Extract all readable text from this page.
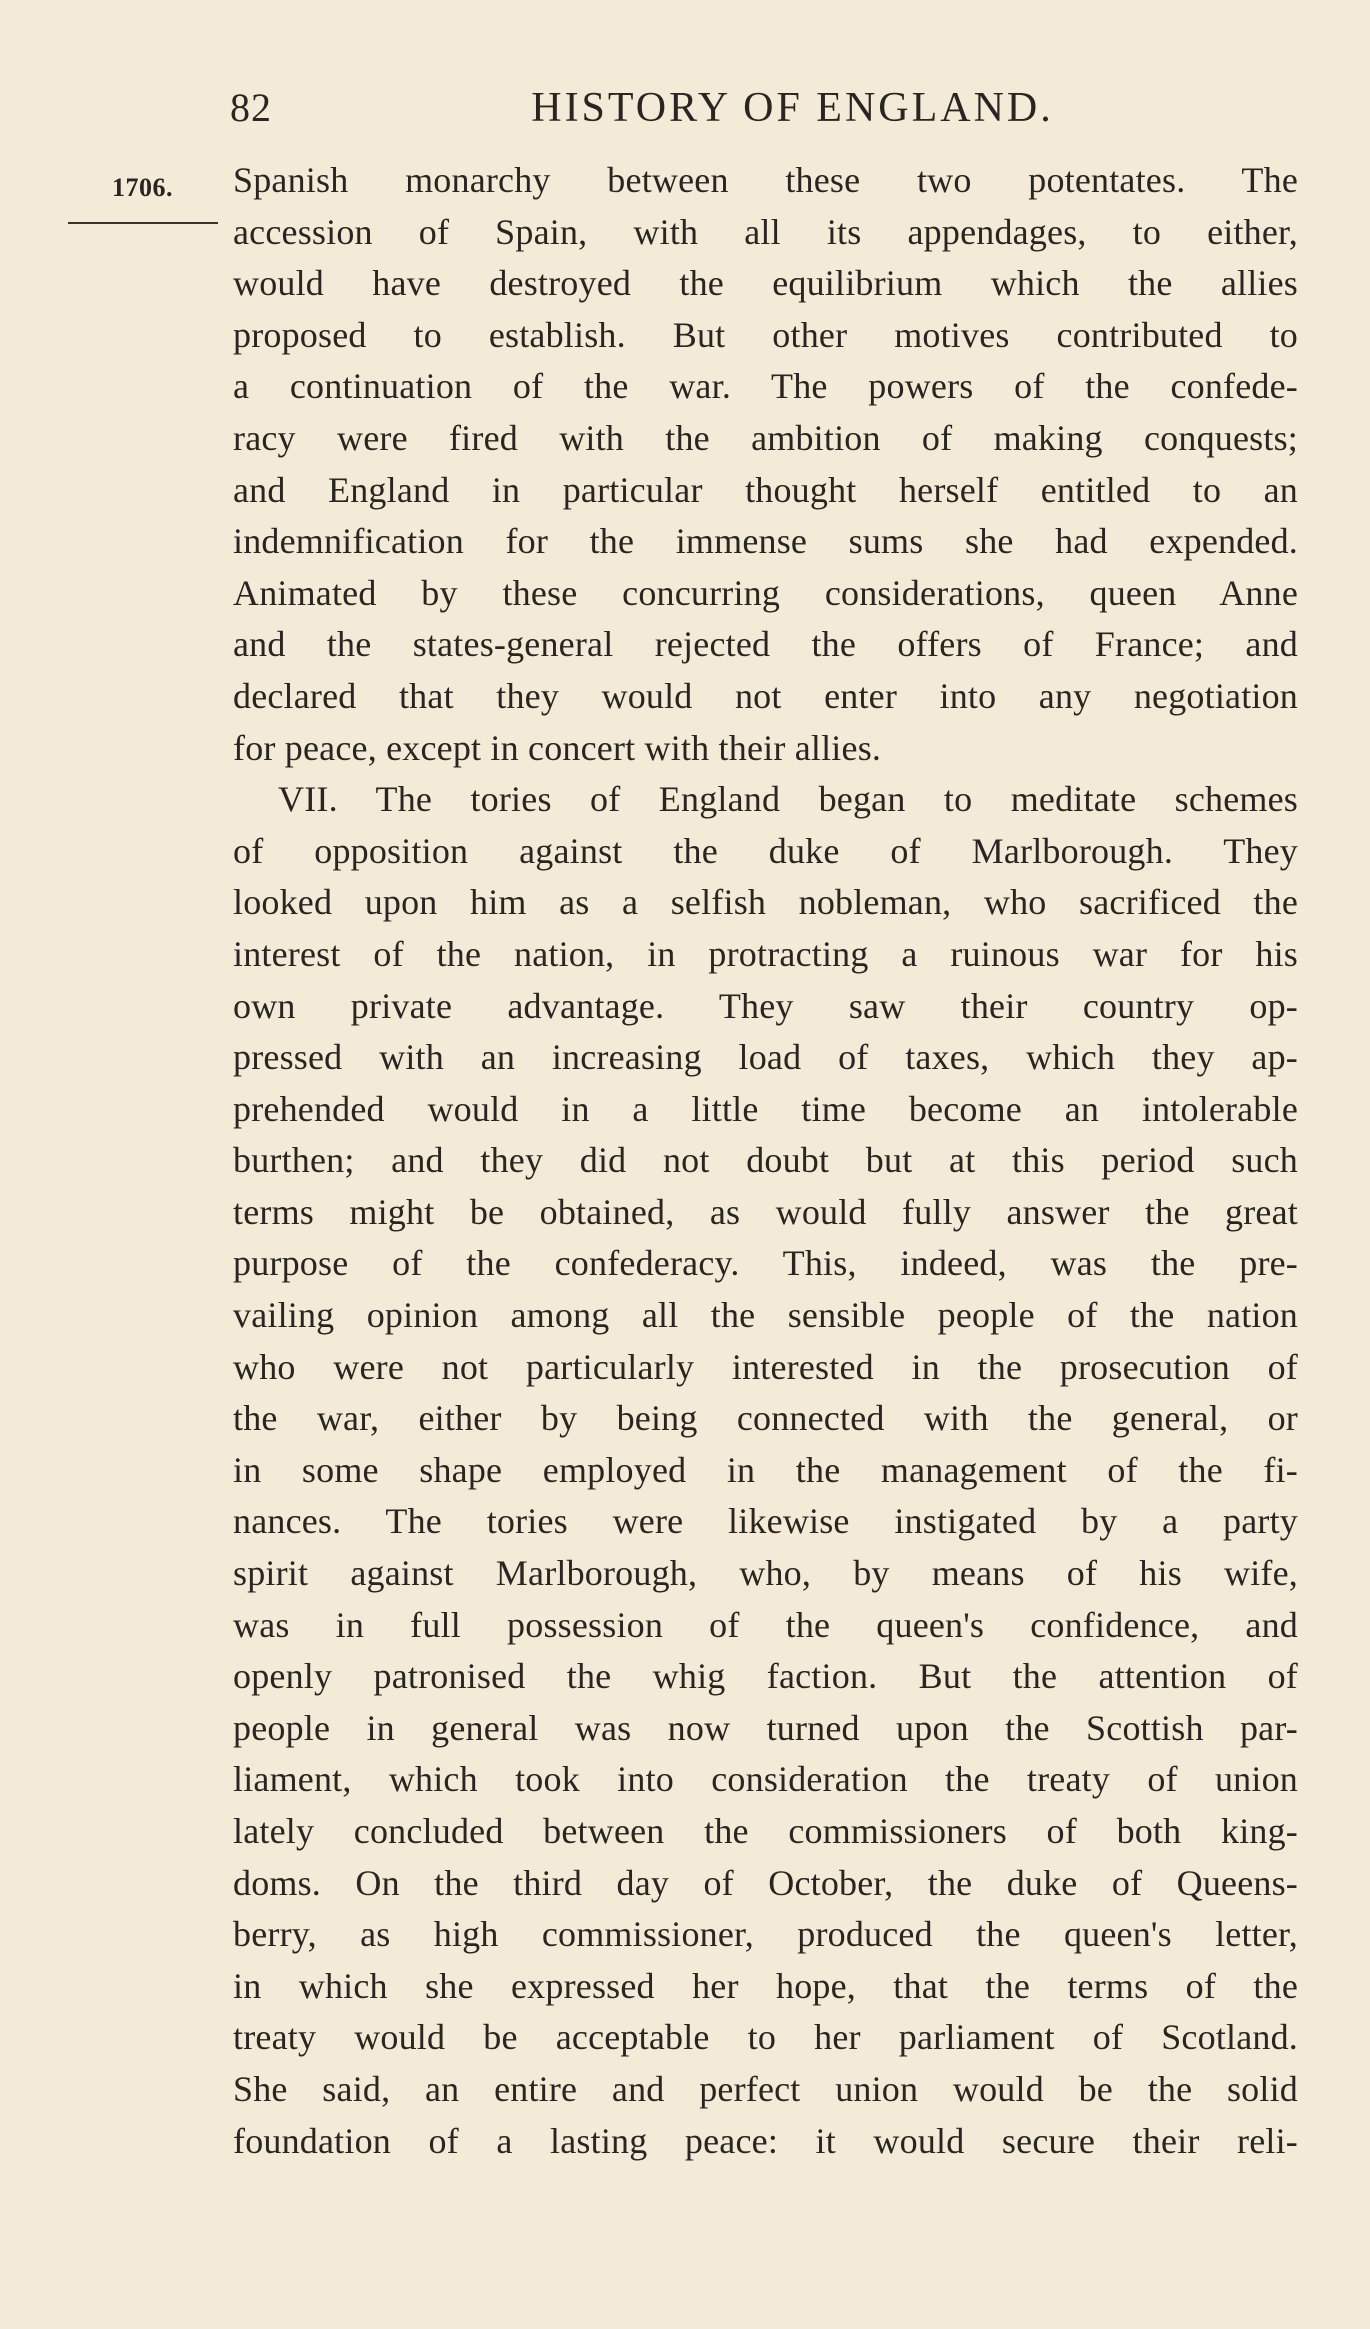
82	HISTORY OF ENGLAND.
1706. Spanish monarchy between these two potentates. The
accession of Spain, with all its appendages, to either,
would have destroyed the equilibrium which the allies
proposed to establish. But other motives contributed to
a continuation of the war. The powers of the confede-
racy were fired with the ambition of making conquests;
and England in particular thought herself entitled to an
indemnification for the immense sums she had expended.
Animated by these concurring considerations, queen Anne
and the states-general rejected the offers of France; and
declared that they would not enter into any negotiation
for peace, except in concert with their allies.
VII. The tories of England began to meditate schemes
of opposition against the duke of Marlborough. They
looked upon him as a selfish nobleman, who sacrificed the
interest of the nation, in protracting a ruinous war for his
own private advantage. They saw their country op-
pressed with an increasing load of taxes, which they ap-
prehended would in a little time become an intolerable
burthen; and they did not doubt but at this period such
terms might be obtained, as would fully answer the great
purpose of the confederacy. This, indeed, was the pre-
vailing opinion among all the sensible people of the nation
who were not particularly interested in the prosecution of
the war, either by being connected with the general, or
in some shape employed in the management of the fi-
nances. The tories were likewise instigated by a party
spirit against Marlborough, who, by means of his wife,
was in full possession of the queen's confidence, and
openly patronised the whig faction. But the attention of
people in general was now turned upon the Scottish par-
liament, which took into consideration the treaty of union
lately concluded between the commissioners of both king-
doms. On the third day of October, the duke of Queens-
berry, as high commissioner, produced the queen's letter,
in which she expressed her hope, that the terms of the
treaty would be acceptable to her parliament of Scotland.
She said, an entire and perfect union would be the solid
foundation of a lasting peace: it would secure their reli-
